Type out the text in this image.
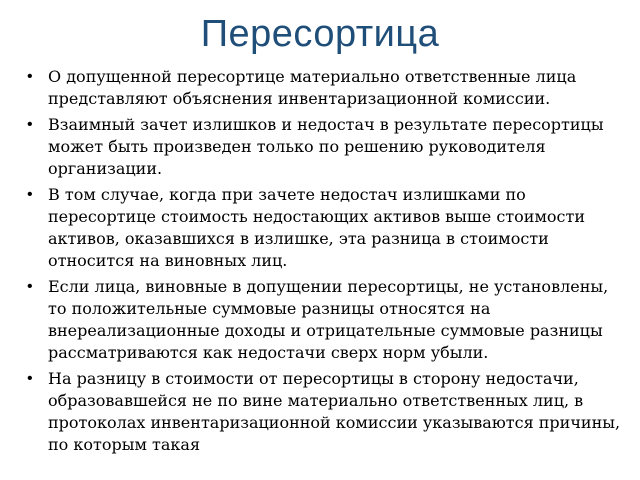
Пересортица
• О допущенной пересортице материально ответственные лица представляют объяснения инвентаризационной комиссии.
• Взаимный зачет излишков и недостач в результате пересортицы может быть произведен только по решению руководителя организации.
• В том случае, когда при зачете недостач излишками по пересортице стоимость недостающих активов выше стоимости активов, оказавшихся в излишке, эта разница в стоимости относится на виновных лиц.
• Если лица, виновные в допущении пересортицы, не установлены, то положительные суммовые разницы относятся на внереализационные доходы и отрицательные суммовые разницы рассматриваются как недостачи сверх норм убыли.
• На разницу в стоимости от пересортицы в сторону недостачи, образовавшейся не по вине материально ответственных лиц, в протоколах инвентаризационной комиссии указываются причины, по которым такая
